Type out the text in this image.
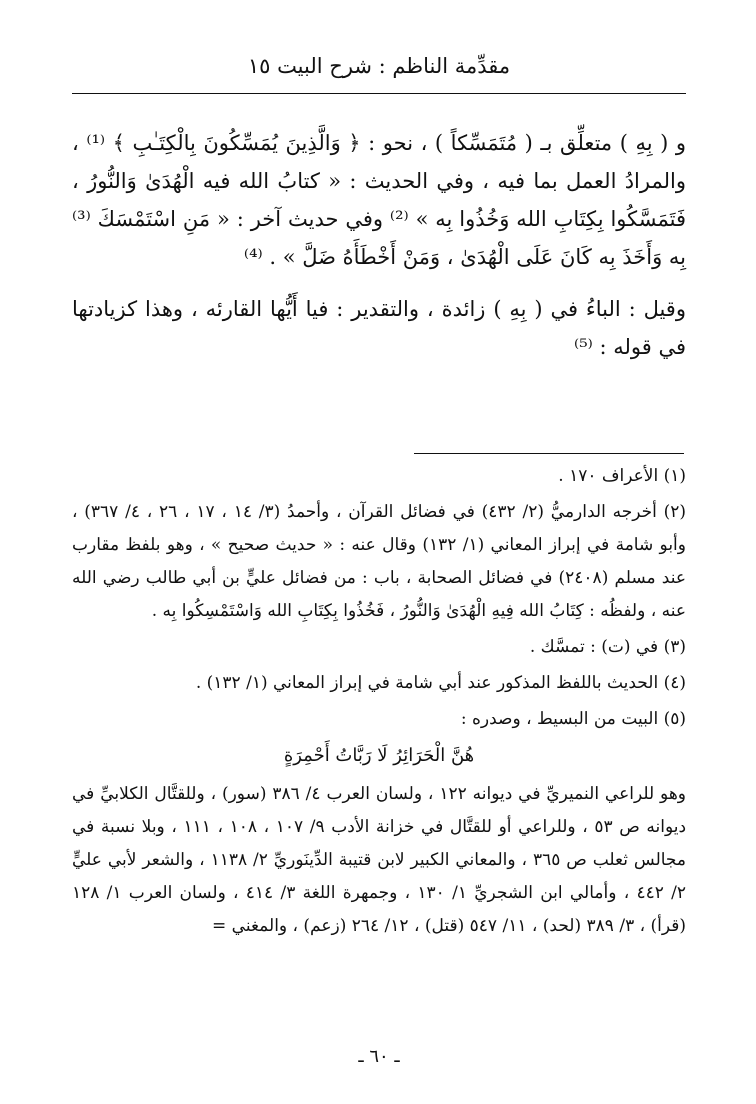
مقدِّمة الناظم : شرح البيت ١٥

و ( بِهِ ) متعلِّق بـ ( مُتَمَسِّكاً ) ، نحو : ﴿ وَالَّذِينَ يُمَسِّكُونَ بِالْكِتَـٰبِ ﴾ ⁽¹⁾ ، والمرادُ العمل بما فيه ، وفي الحديث : « كتابُ الله فيه الْهُدَىٰ وَالنُّورُ ، فَتَمَسَّكُوا بِكِتَابِ الله وَخُذُوا بِه » ⁽²⁾ وفي حديث آخر : « مَنِ اسْتَمْسَكَ ⁽³⁾ بِه وَأَخَذَ بِه كَانَ عَلَى الْهُدَىٰ ، وَمَنْ أَخْطَأَهُ ضَلَّ » . ⁽⁴⁾

وقيل : الباءُ في ( بِهِ ) زائدة ، والتقدير : فيا أَيُّها القارئه ، وهذا كزيادتها في قوله : ⁽⁵⁾

(١) الأعراف ١٧٠ .

(٢) أخرجه الدارميُّ (٢/ ٤٣٢) في فضائل القرآن ، وأحمدُ (٣/ ١٤ ، ١٧ ، ٢٦ ، ٤/ ٣٦٧) ، وأبو شامة في إبراز المعاني (١/ ١٣٢) وقال عنه : « حديث صحيح » ، وهو بلفظ مقارب عند مسلم (٢٤٠٨) في فضائل الصحابة ، باب : من فضائل عليٍّ بن أبي طالب رضي الله عنه ، ولفظُه : كِتَابُ الله فِيهِ الْهُدَىٰ وَالنُّورُ ، فَخُذُوا بِكِتَابِ الله وَاسْتَمْسِكُوا بِه .

(٣) في (ت) : تمسَّك .

(٤) الحديث باللفظ المذكور عند أبي شامة في إبراز المعاني (١/ ١٣٢) .

(٥) البيت من البسيط ، وصدره :

هُنَّ الْحَرَائِرُ لَا رَبَّاتُ أَحْمِرَةٍ

وهو للراعي النميريِّ في ديوانه ١٢٢ ، ولسان العرب ٤/ ٣٨٦ (سور) ، وللقتَّال الكلابيِّ في ديوانه ص ٥٣ ، وللراعي أو للقتَّال في خزانة الأدب ٩/ ١٠٧ ، ١٠٨ ، ١١١ ، وبلا نسبة في مجالس ثعلب ص ٣٦٥ ، والمعاني الكبير لابن قتيبة الدِّينَوريِّ ٢/ ١١٣٨ ، والشعر لأبي عليٍّ ٢/ ٤٤٢ ، وأمالي ابن الشجريِّ ١/ ١٣٠ ، وجمهرة اللغة ٣/ ٤١٤ ، ولسان العرب ١/ ١٢٨ (قرأ) ، ٣/ ٣٨٩ (لحد) ، ١١/ ٥٤٧ (قتل) ، ١٢/ ٢٦٤ (زعم) ، والمغني =

ـ ٦٠ ـ
